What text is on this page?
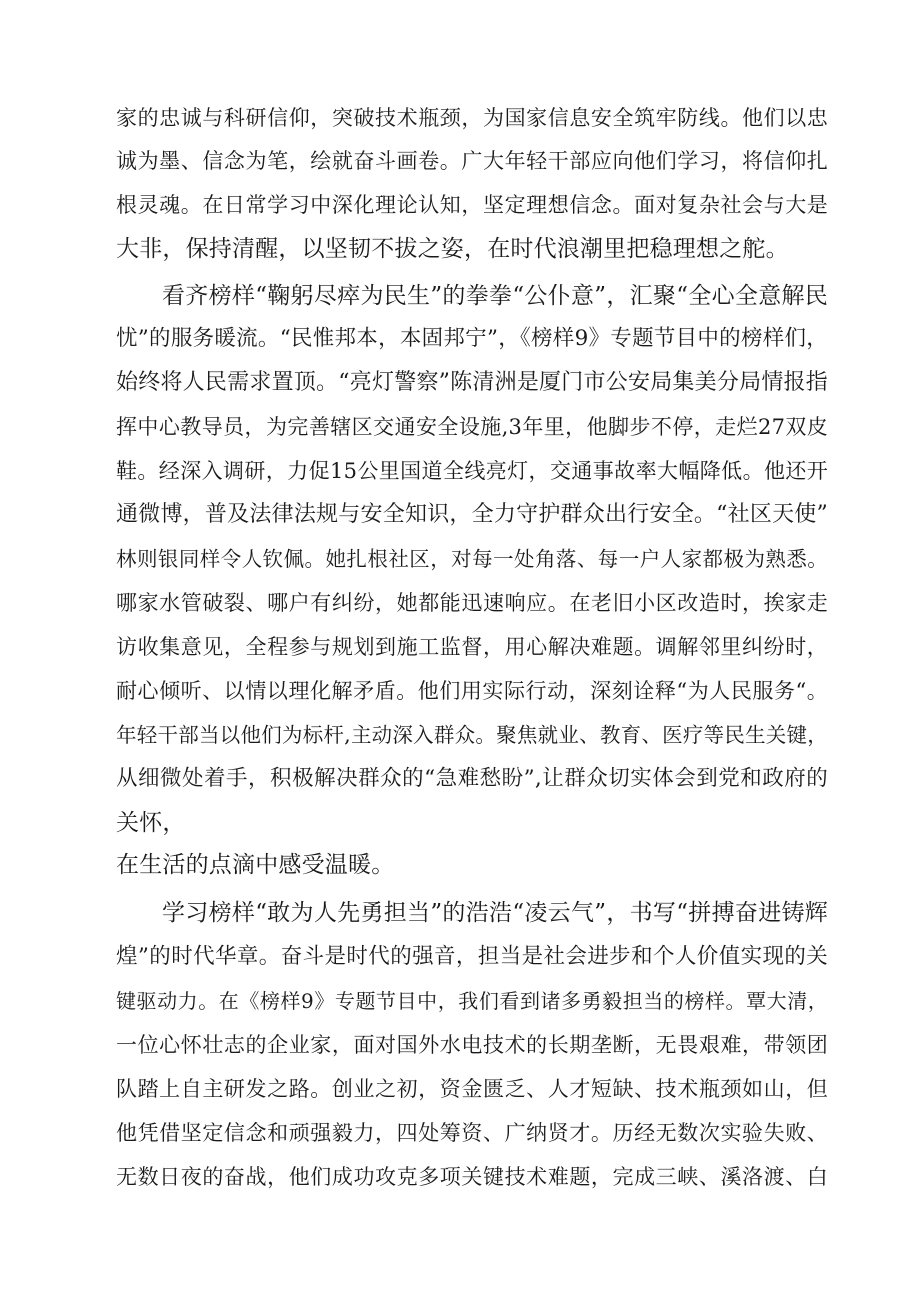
家的忠诚与科研信仰，突破技术瓶颈，为国家信息安全筑牢防线。他们以忠
诚为墨、信念为笔，绘就奋斗画卷。广大年轻干部应向他们学习，将信仰扎
根灵魂。在日常学习中深化理论认知，坚定理想信念。面对复杂社会与大是
大非，保持清醒，以坚韧不拔之姿，在时代浪潮里把稳理想之舵。
看齐榜样“鞠躬尽瘁为民生”的拳拳“公仆意”，汇聚“全心全意解民
忧”的服务暖流。“民惟邦本，本固邦宁”，《榜样9》专题节目中的榜样们，
始终将人民需求置顶。“亮灯警察”陈清洲是厦门市公安局集美分局情报指
挥中心教导员，为完善辖区交通安全设施,3年里，他脚步不停，走烂27双皮
鞋。经深入调研，力促15公里国道全线亮灯，交通事故率大幅降低。他还开
通微博，普及法律法规与安全知识，全力守护群众出行安全。“社区天使”
林则银同样令人钦佩。她扎根社区，对每一处角落、每一户人家都极为熟悉。
哪家水管破裂、哪户有纠纷，她都能迅速响应。在老旧小区改造时，挨家走
访收集意见，全程参与规划到施工监督，用心解决难题。调解邻里纠纷时，
耐心倾听、以情以理化解矛盾。他们用实际行动，深刻诠释“为人民服务“。
年轻干部当以他们为标杆,主动深入群众。聚焦就业、教育、医疗等民生关键，
从细微处着手，积极解决群众的“急难愁盼”,让群众切实体会到党和政府的
关怀，
在生活的点滴中感受温暖。
学习榜样“敢为人先勇担当”的浩浩“凌云气”，书写“拼搏奋进铸辉
煌”的时代华章。奋斗是时代的强音，担当是社会进步和个人价值实现的关
键驱动力。在《榜样9》专题节目中，我们看到诸多勇毅担当的榜样。覃大清，
一位心怀壮志的企业家，面对国外水电技术的长期垄断，无畏艰难，带领团
队踏上自主研发之路。创业之初，资金匮乏、人才短缺、技术瓶颈如山，但
他凭借坚定信念和顽强毅力，四处筹资、广纳贤才。历经无数次实验失败、
无数日夜的奋战，他们成功攻克多项关键技术难题，完成三峡、溪洛渡、白
